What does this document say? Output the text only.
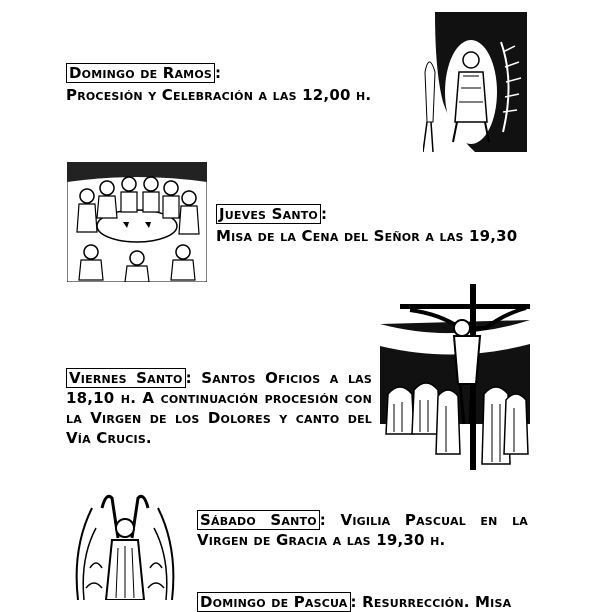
Domingo de Ramos :
Procesión y Celebración a las 12,00 h.
Jueves Santo :
Misa de la Cena del Señor a las 19,30
Viernes Santo : Santos Oficios a las 18,10 h. A continuación procesión con la Virgen de los Dolores y canto del Vía Crucis.
Sábado Santo : Vigilia Pascual en la Virgen de Gracia a las 19,30 h.
Domingo de Pascua : Resurrección. Misa
